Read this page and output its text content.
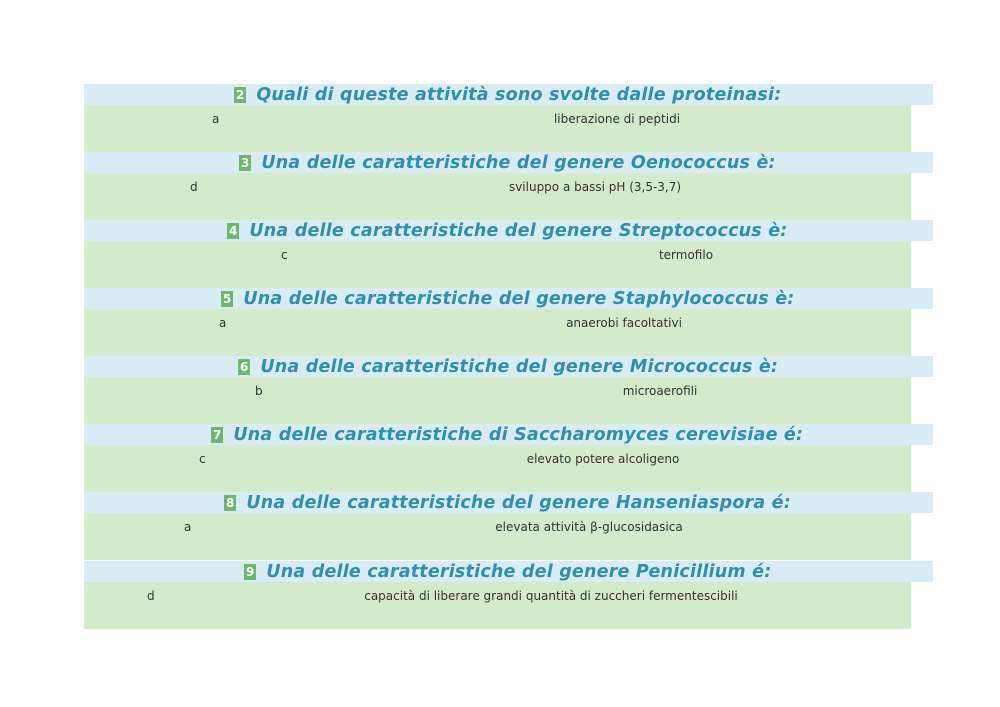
2 Quali di queste attività sono svolte dalle proteinasi:
a	liberazione di peptidi
3 Una delle caratteristiche del genere Oenococcus è:
d	sviluppo a bassi pH (3,5-3,7)
4 Una delle caratteristiche del genere Streptococcus è:
c	termofilo
5 Una delle caratteristiche del genere Staphylococcus è:
a	anaerobi facoltativi
6 Una delle caratteristiche del genere Micrococcus è:
b	microaerofili
7 Una delle caratteristiche di Saccharomyces cerevisiae é:
c	elevato potere alcoligeno
8 Una delle caratteristiche del genere Hanseniaspora é:
a	elevata attività β-glucosidasica
9 Una delle caratteristiche del genere Penicillium é:
d	capacità di liberare grandi quantità di zuccheri fermentescibili
